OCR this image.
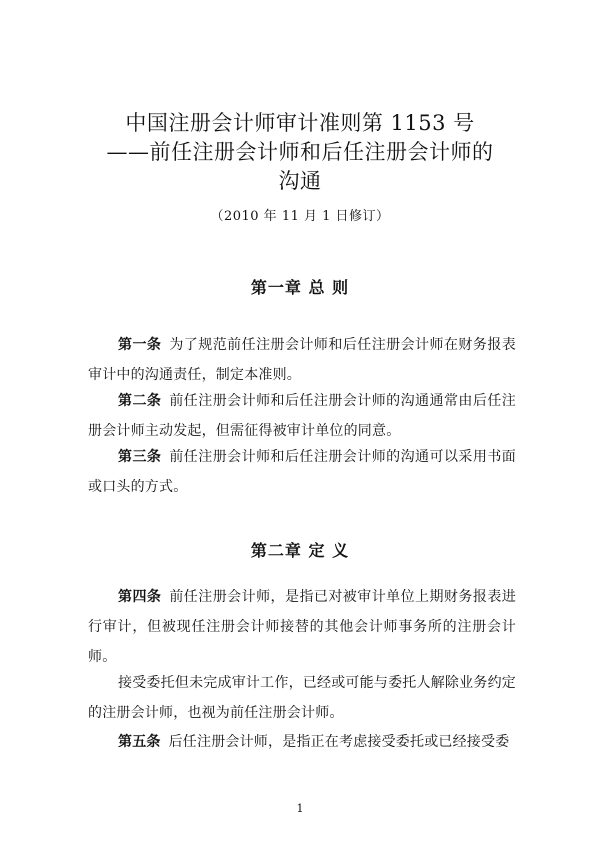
中国注册会计师审计准则第 1153 号
——前任注册会计师和后任注册会计师的
沟通
（2010 年 11 月 1 日修订）
第一章 总 则
第一条 为了规范前任注册会计师和后任注册会计师在财务报表审计中的沟通责任，制定本准则。
第二条 前任注册会计师和后任注册会计师的沟通通常由后任注册会计师主动发起，但需征得被审计单位的同意。
第三条 前任注册会计师和后任注册会计师的沟通可以采用书面或口头的方式。
第二章 定 义
第四条 前任注册会计师，是指已对被审计单位上期财务报表进行审计，但被现任注册会计师接替的其他会计师事务所的注册会计师。
接受委托但未完成审计工作，已经或可能与委托人解除业务约定的注册会计师，也视为前任注册会计师。
第五条 后任注册会计师，是指正在考虑接受委托或已经接受委
1
